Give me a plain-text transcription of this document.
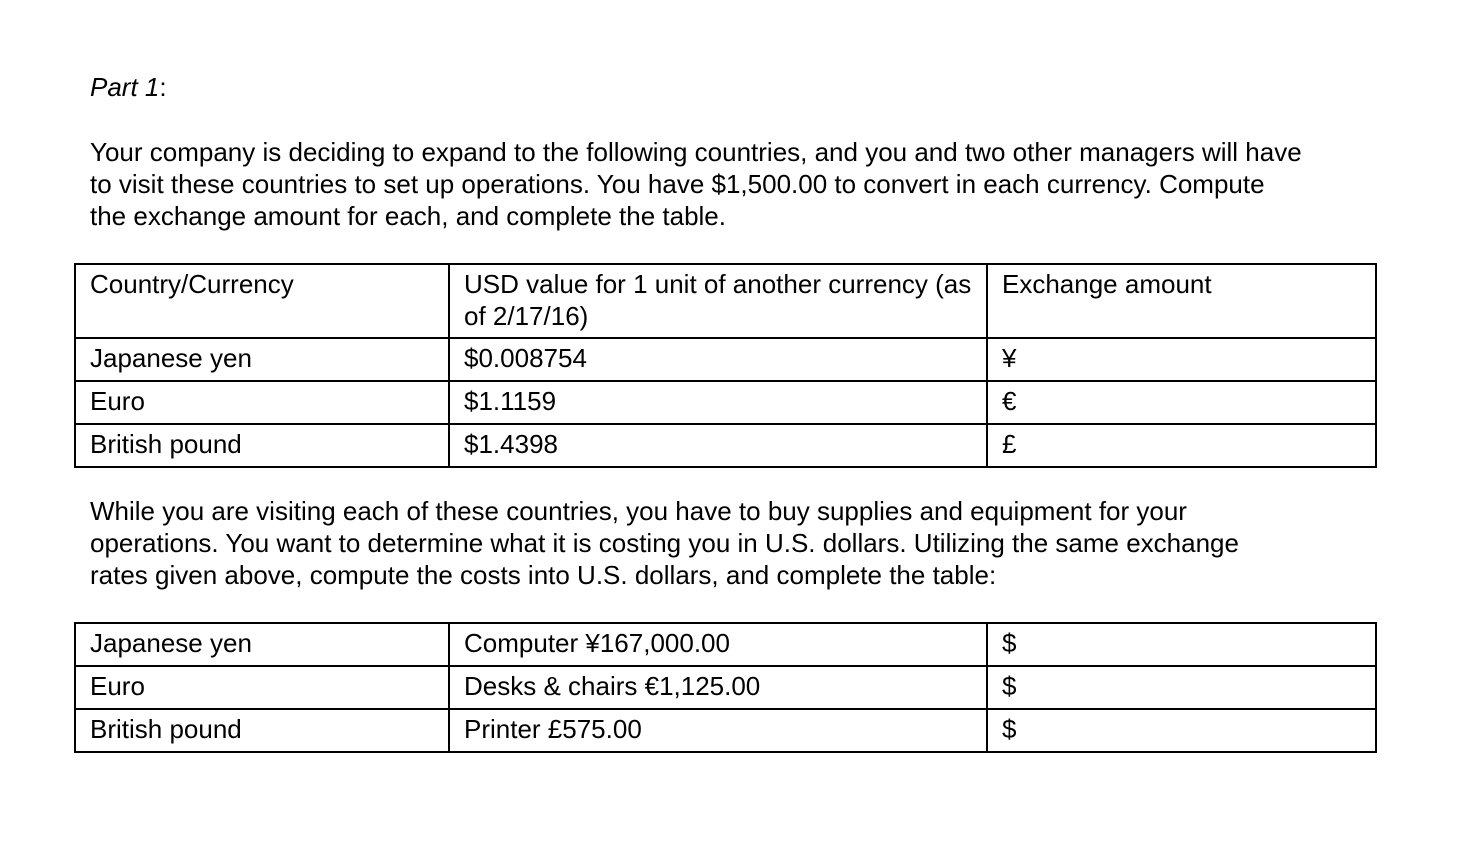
Part 1:

Your company is deciding to expand to the following countries, and you and two other managers will have
to visit these countries to set up operations. You have $1,500.00 to convert in each currency. Compute
the exchange amount for each, and complete the table.

Country/Currency	USD value for 1 unit of another currency (as of 2/17/16)	Exchange amount
Japanese yen	$0.008754	¥
Euro	$1.1159	€
British pound	$1.4398	£

While you are visiting each of these countries, you have to buy supplies and equipment for your
operations. You want to determine what it is costing you in U.S. dollars. Utilizing the same exchange
rates given above, compute the costs into U.S. dollars, and complete the table:

Japanese yen	Computer ¥167,000.00	$
Euro	Desks & chairs €1,125.00	$
British pound	Printer £575.00	$
